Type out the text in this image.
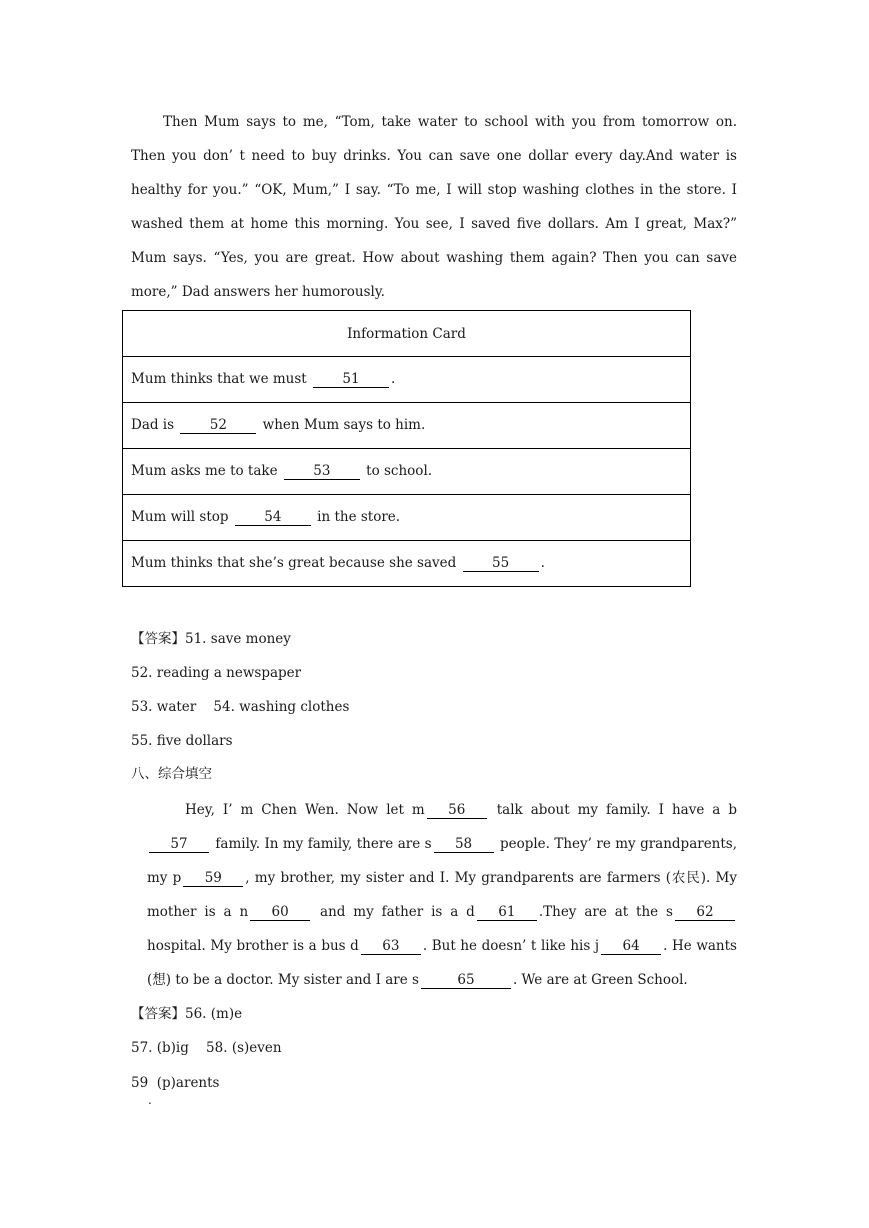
Then Mum says to me, “Tom, take water to school with you from tomorrow on. Then you don’ t need to buy drinks. You can save one dollar every day.And water is healthy for you.” “OK, Mum,” I say. “To me, I will stop washing clothes in the store. I washed them at home this morning. You see, I saved five dollars. Am I great, Max?” Mum says. “Yes, you are great. How about washing them again? Then you can save more,” Dad answers her humorously.

Information Card
Mum thinks that we must	51 .
Dad is	52	when Mum says to him.
Mum asks me to take	53	to school.
Mum will stop	54	in the store.
Mum thinks that she’s great because she saved	55 .

【答案】51. save money

52. reading a newspaper

53. water    54. washing clothes

55. five dollars

八、综合填空

Hey, I’ m Chen Wen. Now let m 56 talk about my family. I have a b57 family. In my family, there are s 58 people. They’ re my grandparents, my p 59 , my brother, my sister and I. My grandparents are farmers (农民). My mother is a n 60 and my father is a d 61 .They are at the s 62 hospital. My brother is a bus d 63 . But he doesn’ t like his j 64 . He wants (想) to be a doctor. My sister and I are s	65	. We are at Green School.

【答案】56. (m)e

57. (b)ig    58. (s)even

59  (p)arents

.
